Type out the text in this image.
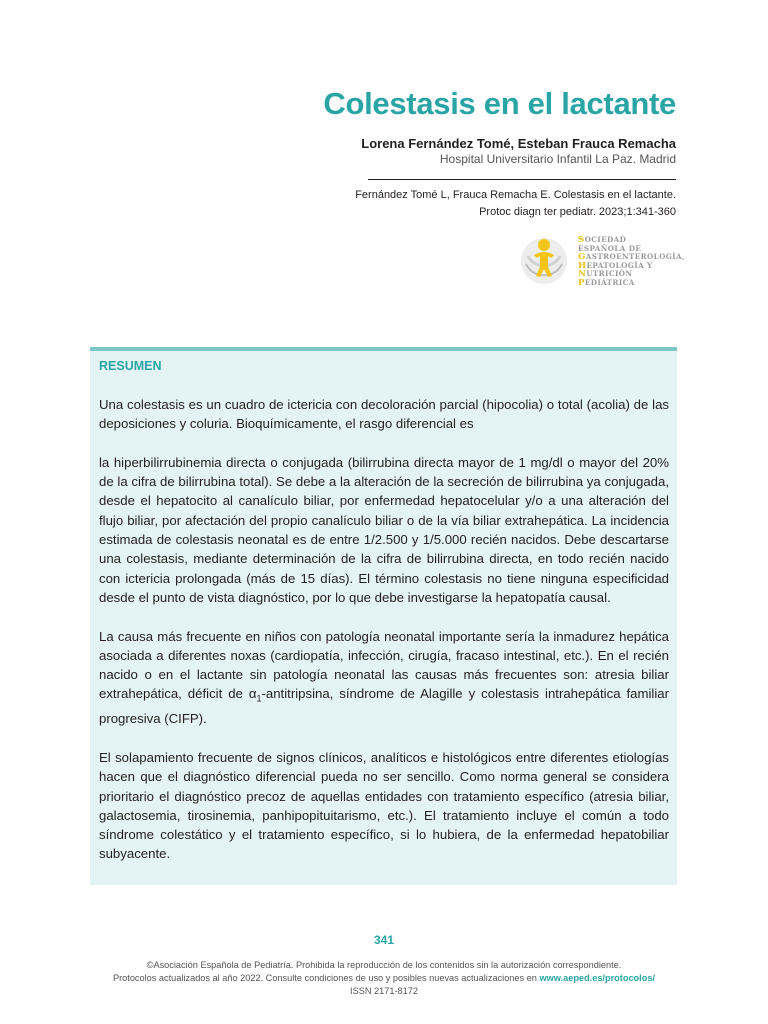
Colestasis en el lactante
Lorena Fernández Tomé, Esteban Frauca Remacha
Hospital Universitario Infantil La Paz. Madrid
Fernández Tomé L, Frauca Remacha E. Colestasis en el lactante.
Protoc diagn ter pediatr. 2023;1:341-360
SOCIEDAD
ESPAÑOLA DE
GASTROENTEROLOGÍA,
HEPATOLOGÍA Y
NUTRICIÓN
PEDIÁTRICA
RESUMEN

Una colestasis es un cuadro de ictericia con decoloración parcial (hipocolia) o total (acolia) de las deposiciones y coluria. Bioquímicamente, el rasgo diferencial es

la hiperbilirrubinemia directa o conjugada (bilirrubina directa mayor de 1 mg/dl o mayor del 20% de la cifra de bilirrubina total). Se debe a la alteración de la secreción de bilirrubina ya conjugada, desde el hepatocito al canalículo biliar, por enfermedad hepatocelular y/o a una alteración del flujo biliar, por afectación del propio canalículo biliar o de la vía biliar extrahepática. La incidencia estimada de colestasis neonatal es de entre 1/2.500 y 1/5.000 recién nacidos. Debe descartarse una colestasis, mediante determinación de la cifra de bilirrubina directa, en todo recién nacido con ictericia prolongada (más de 15 días). El término colestasis no tiene ninguna especificidad desde el punto de vista diagnóstico, por lo que debe investigarse la hepatopatía causal.

La causa más frecuente en niños con patología neonatal importante sería la inmadurez hepática asociada a diferentes noxas (cardiopatía, infección, cirugía, fracaso intestinal, etc.). En el recién nacido o en el lactante sin patología neonatal las causas más frecuentes son: atresia biliar extrahepática, déficit de $\alpha_1$-antitripsina, síndrome de Alagille y colestasis intrahepática familiar progresiva (CIFP).

El solapamiento frecuente de signos clínicos, analíticos e histológicos entre diferentes etiologías hacen que el diagnóstico diferencial pueda no ser sencillo. Como norma general se considera prioritario el diagnóstico precoz de aquellas entidades con tratamiento específico (atresia biliar, galactosemia, tirosinemia, panhipopituitarismo, etc.). El tratamiento incluye el común a todo síndrome colestático y el tratamiento específico, si lo hubiera, de la enfermedad hepatobiliar subyacente.

341
©Asociación Española de Pediatría. Prohibida la reproducción de los contenidos sin la autorización correspondiente.
Protocolos actualizados al año 2022. Consulte condiciones de uso y posibles nuevas actualizaciones en www.aeped.es/protocolos/
ISSN 2171-8172
